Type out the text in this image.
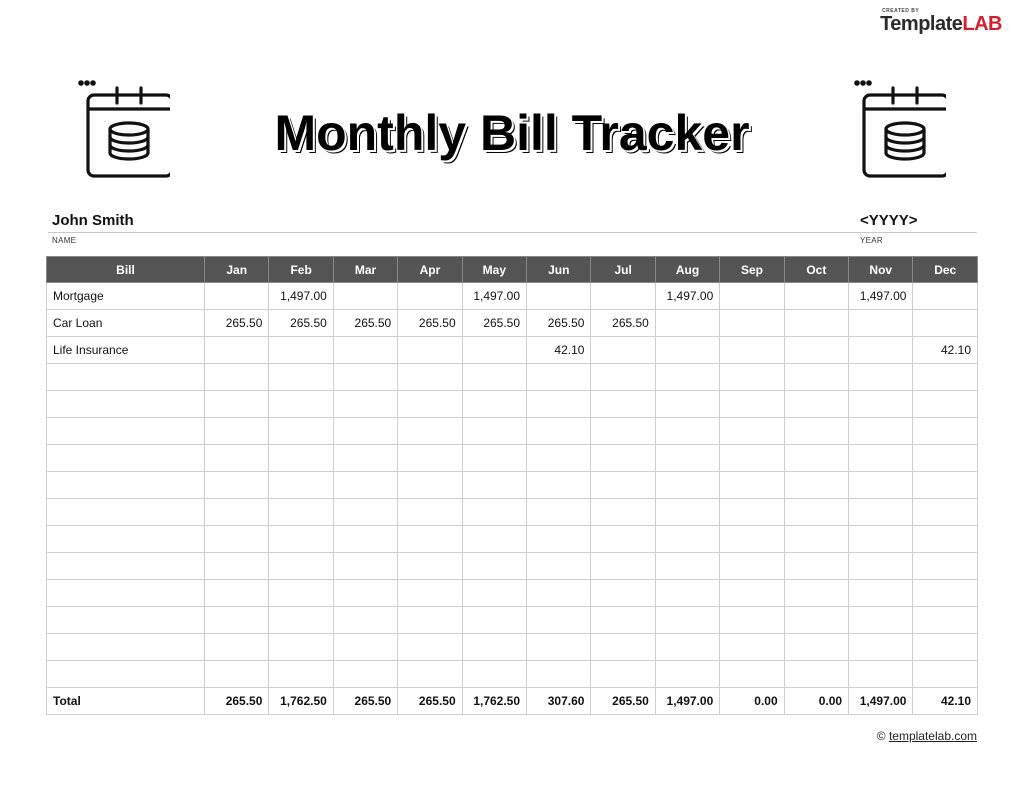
CREATED BY
TemplateLAB
Monthly Bill Tracker
John Smith	<YYYY>
NAME	YEAR
Bill	Jan	Feb	Mar	Apr	May	Jun	Jul	Aug	Sep	Oct	Nov	Dec
Mortgage		1,497.00			1,497.00			1,497.00			1,497.00	
Car Loan	265.50	265.50	265.50	265.50	265.50	265.50	265.50					
Life Insurance						42.10						42.10

Total	265.50	1,762.50	265.50	265.50	1,762.50	307.60	265.50	1,497.00	0.00	0.00	1,497.00	42.10
© templatelab.com
